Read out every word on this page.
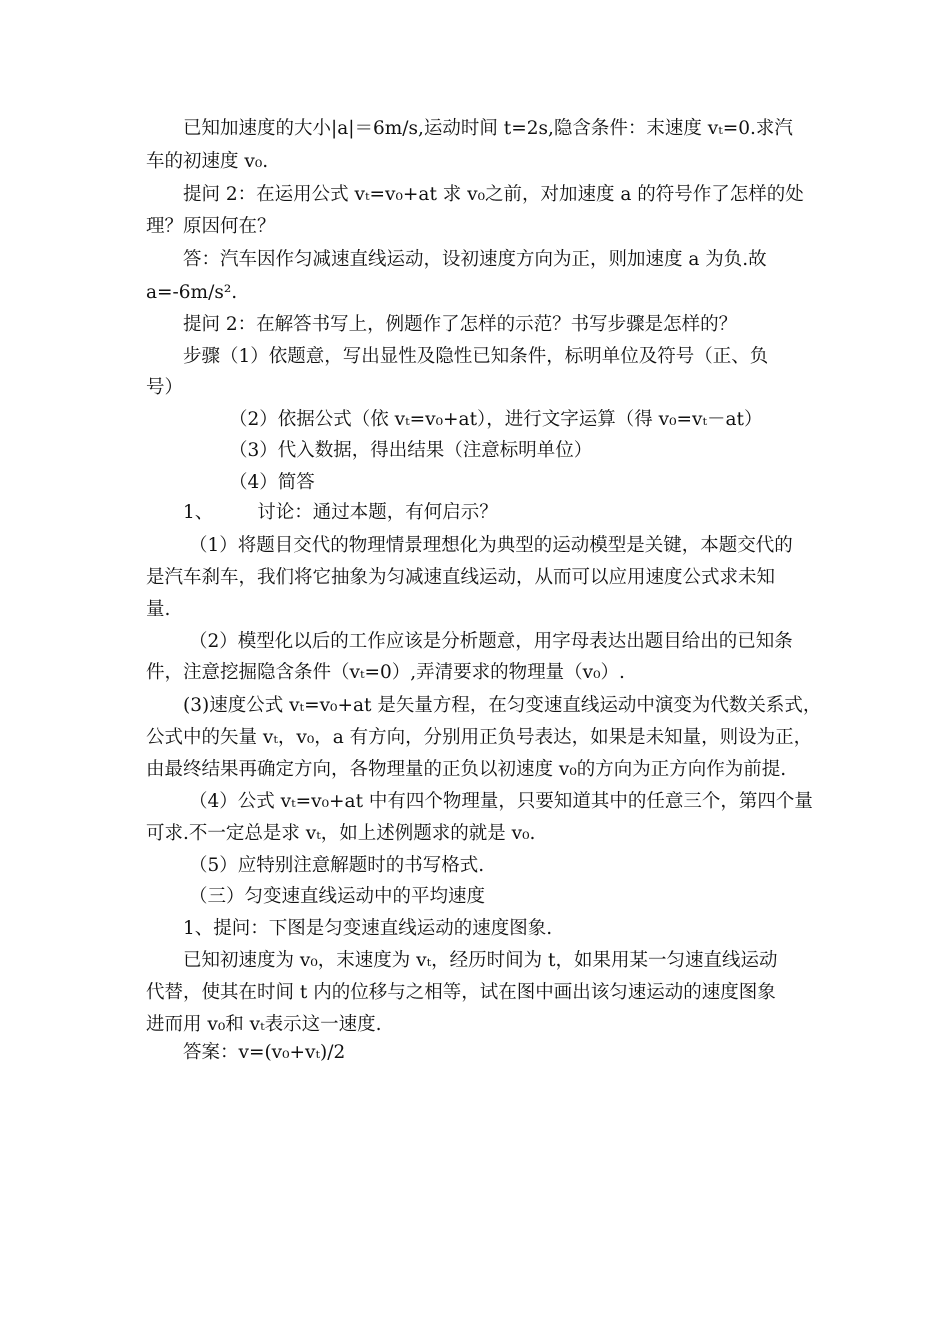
已知加速度的大小|a|＝6m/s,运动时间 t=2s,隐含条件：末速度 vₜ=0.求汽
车的初速度 v₀.
提问 2：在运用公式 vₜ=v₀+at 求 v₀之前，对加速度 a 的符号作了怎样的处
理？原因何在？
答：汽车因作匀减速直线运动，设初速度方向为正，则加速度 a 为负.故
a=-6m/s².
提问 2：在解答书写上，例题作了怎样的示范？书写步骤是怎样的？
步骤（1）依题意，写出显性及隐性已知条件，标明单位及符号（正、负
号）
（2）依据公式（依 vₜ=v₀+at），进行文字运算（得 v₀=vₜ－at）
（3）代入数据，得出结果（注意标明单位）
（4）简答
1、 讨论：通过本题，有何启示？
（1）将题目交代的物理情景理想化为典型的运动模型是关键，本题交代的
是汽车刹车，我们将它抽象为匀减速直线运动，从而可以应用速度公式求未知
量.
（2）模型化以后的工作应该是分析题意，用字母表达出题目给出的已知条
件，注意挖掘隐含条件（vₜ=0）,弄清要求的物理量（v₀）.
(3)速度公式 vₜ=v₀+at 是矢量方程，在匀变速直线运动中演变为代数关系式，
公式中的矢量 vₜ，v₀，a 有方向，分别用正负号表达，如果是未知量，则设为正，
由最终结果再确定方向，各物理量的正负以初速度 v₀的方向为正方向作为前提.
（4）公式 vₜ=v₀+at 中有四个物理量，只要知道其中的任意三个，第四个量
可求.不一定总是求 vₜ，如上述例题求的就是 v₀.
（5）应特别注意解题时的书写格式.
（三）匀变速直线运动中的平均速度
1、提问：下图是匀变速直线运动的速度图象.
已知初速度为 v₀，末速度为 vₜ，经历时间为 t，如果用某一匀速直线运动
代替，使其在时间 t 内的位移与之相等，试在图中画出该匀速运动的速度图象
进而用 v₀和 vₜ表示这一速度.
答案：v=(v₀+vₜ)/2
